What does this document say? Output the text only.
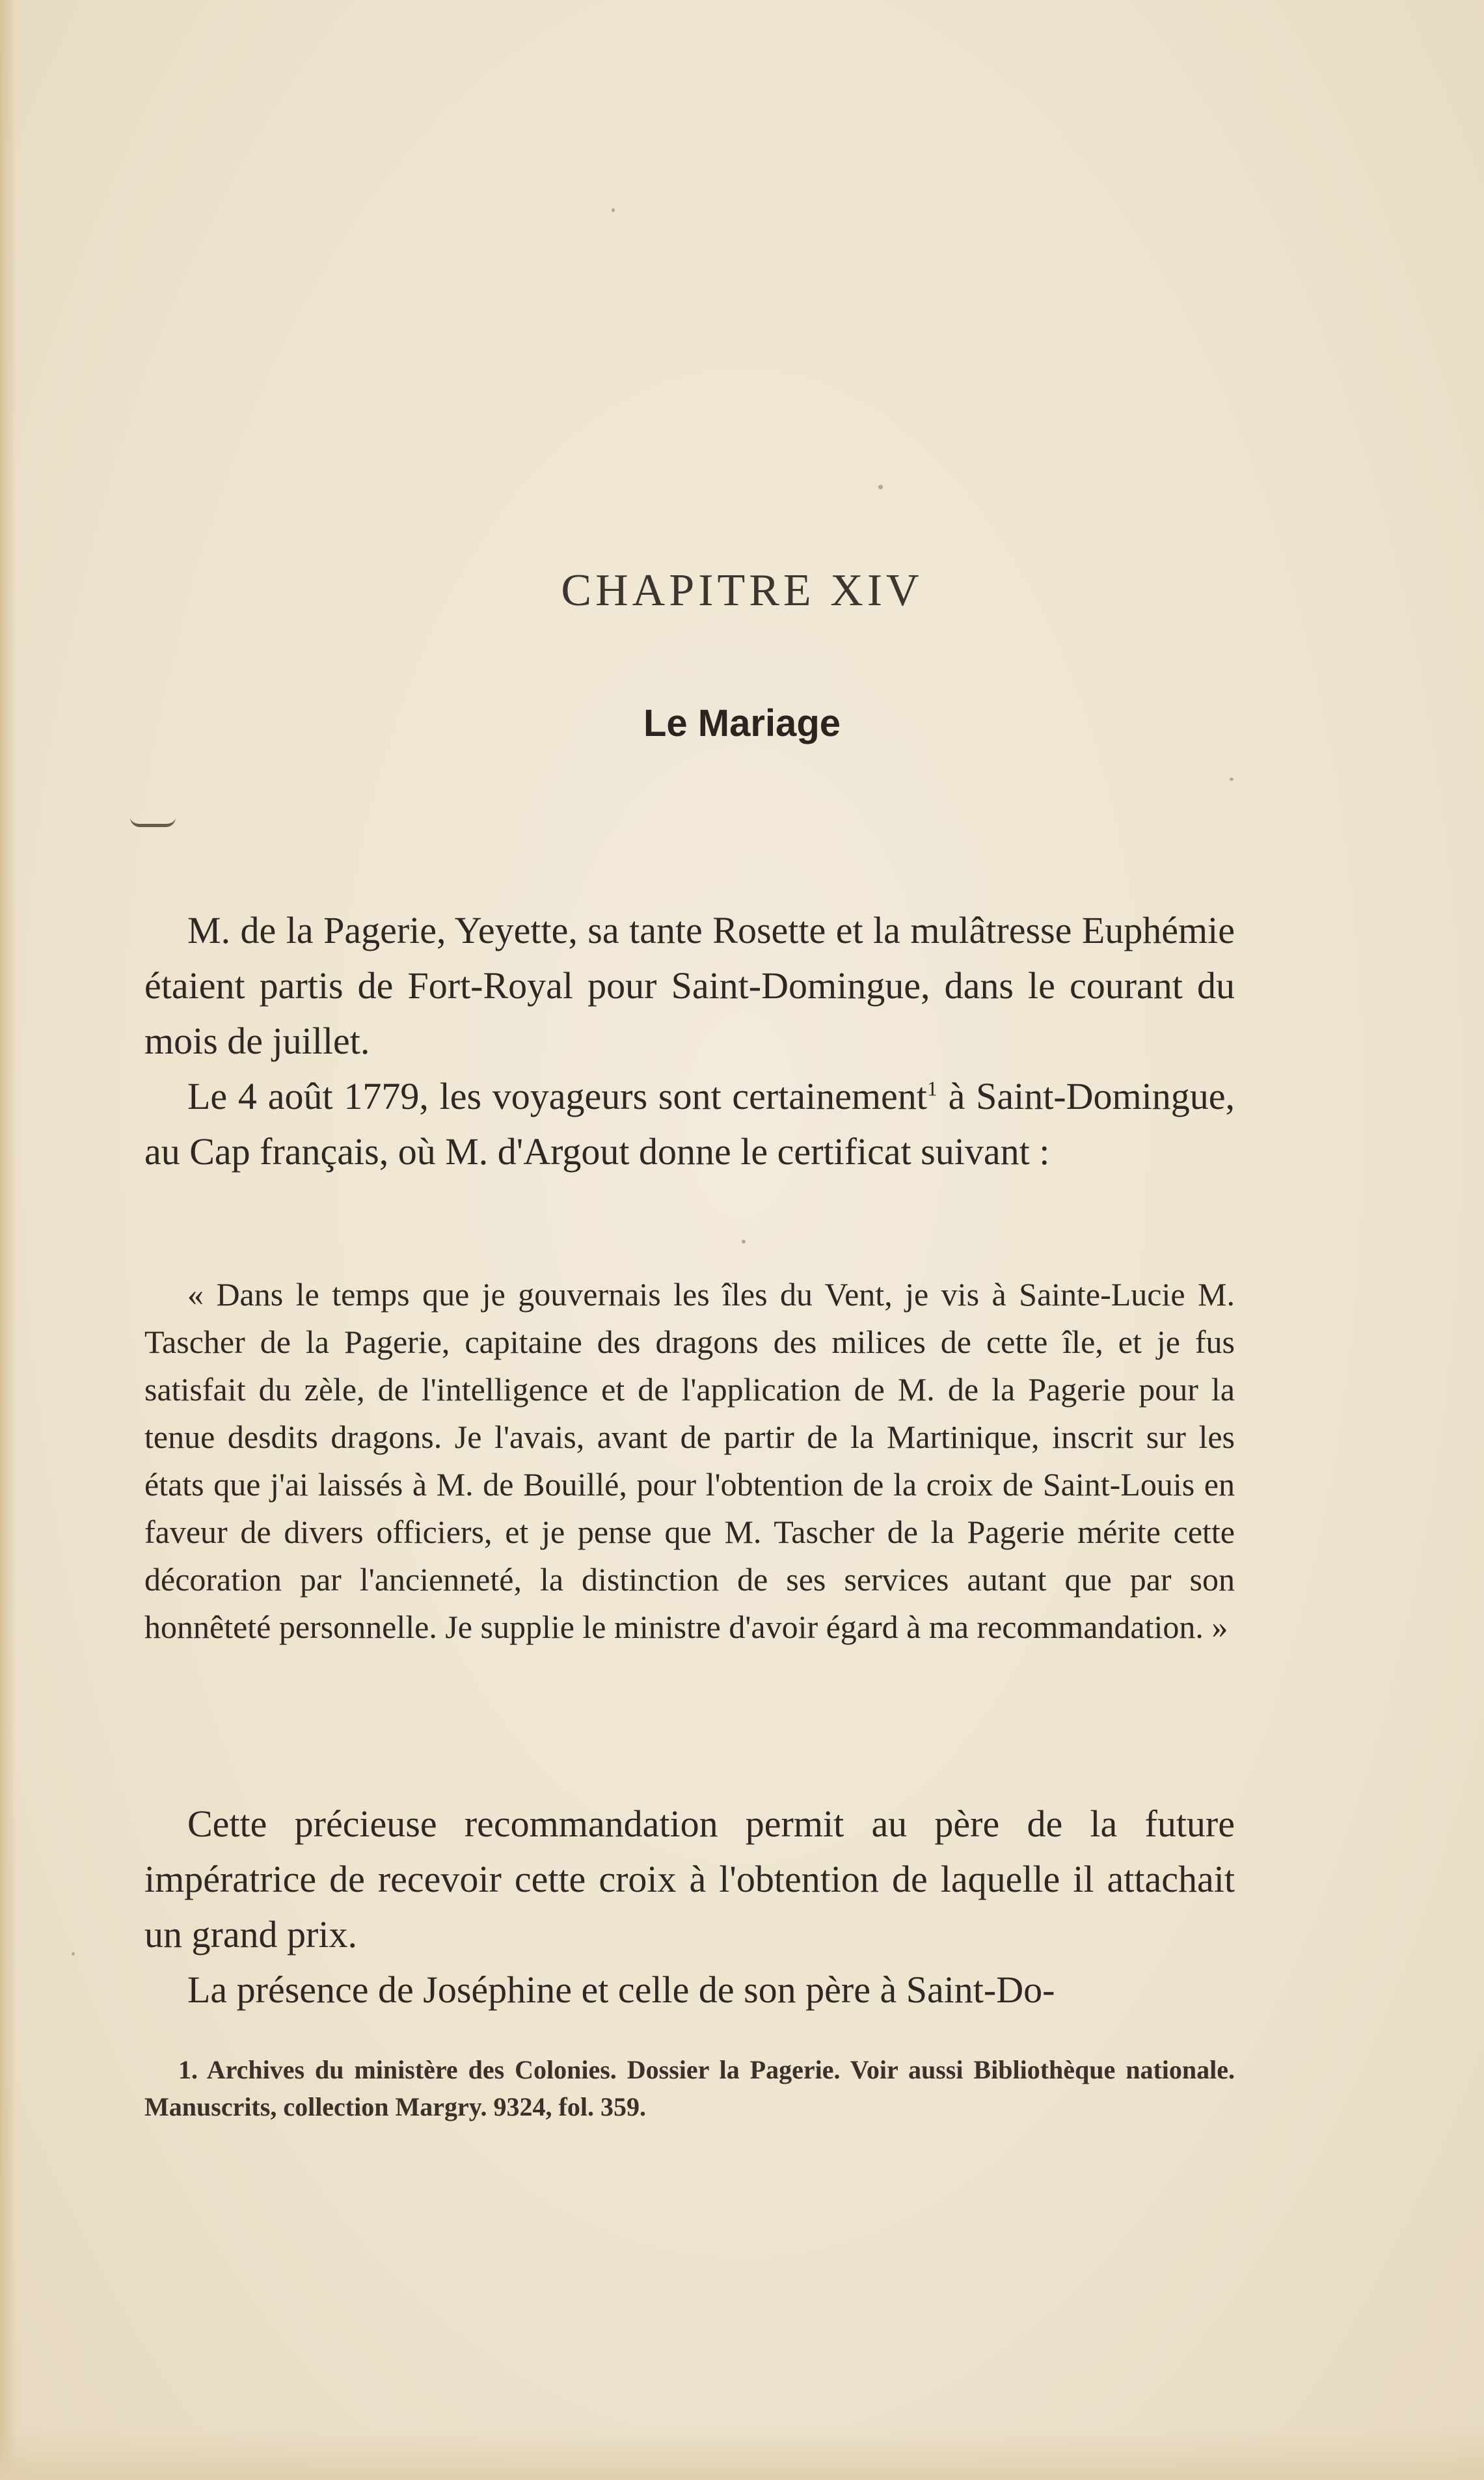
CHAPITRE XIV
Le Mariage

M. de la Pagerie, Yeyette, sa tante Rosette et la mulâtresse Euphémie étaient partis de Fort-Royal pour Saint-Domingue, dans le courant du mois de juillet.

Le 4 août 1779, les voyageurs sont certainement$^1$ à Saint-Domingue, au Cap français, où M. d'Argout donne le certificat suivant :

« Dans le temps que je gouvernais les îles du Vent, je vis à Sainte-Lucie M. Tascher de la Pagerie, capitaine des dragons des milices de cette île, et je fus satisfait du zèle, de l'intelligence et de l'application de M. de la Pagerie pour la tenue desdits dragons. Je l'avais, avant de partir de la Martinique, inscrit sur les états que j'ai laissés à M. de Bouillé, pour l'obtention de la croix de Saint-Louis en faveur de divers officiers, et je pense que M. Tascher de la Pagerie mérite cette décoration par l'ancienneté, la distinction de ses services autant que par son honnêteté personnelle. Je supplie le ministre d'avoir égard à ma recommandation. »

Cette précieuse recommandation permit au père de la future impératrice de recevoir cette croix à l'obtention de laquelle il attachait un grand prix.

La présence de Joséphine et celle de son père à Saint-Do-

1. Archives du ministère des Colonies. Dossier la Pagerie. Voir aussi Bibliothèque nationale. Manuscrits, collection Margry. 9324, fol. 359.
